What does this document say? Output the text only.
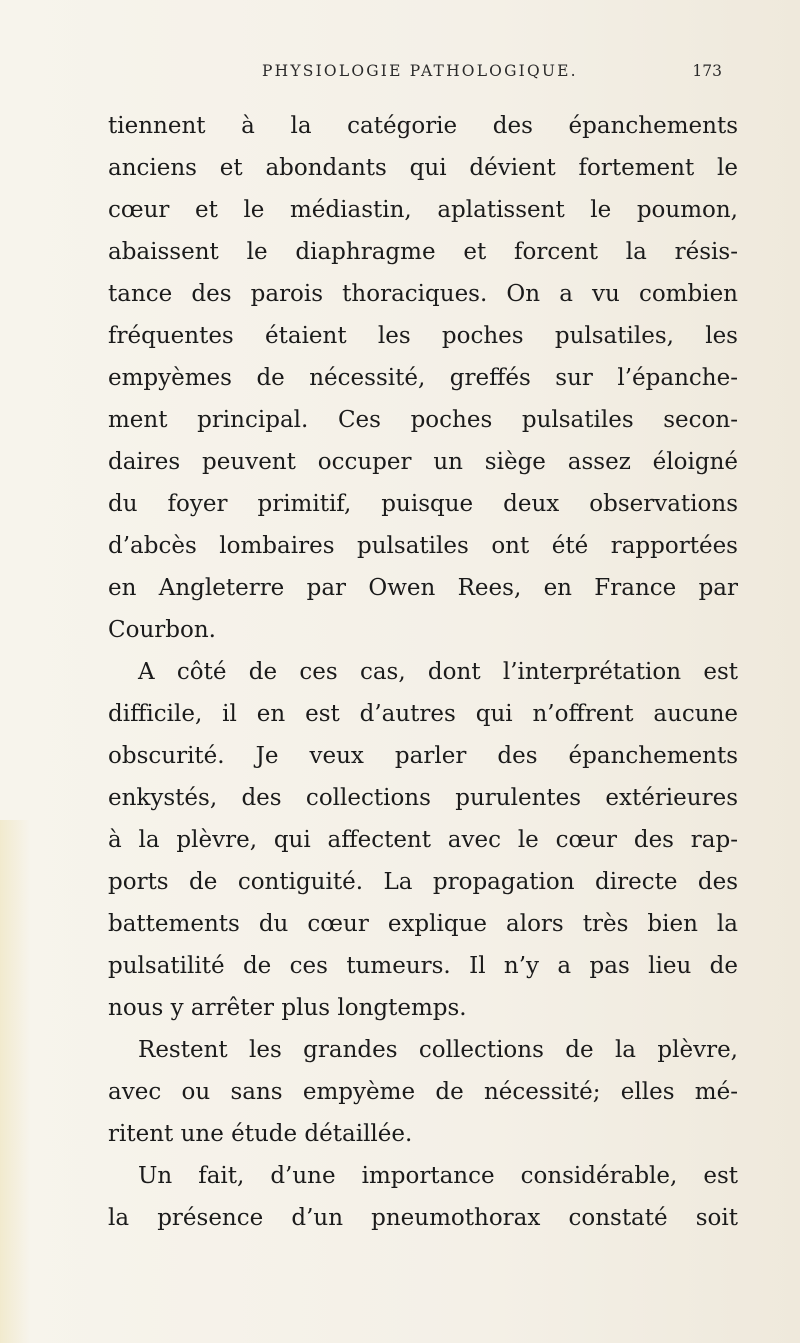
PHYSIOLOGIE PATHOLOGIQUE.	173
tiennent à la catégorie des épanchements
anciens et abondants qui dévient fortement le
cœur et le médiastin, aplatissent le poumon,
abaissent le diaphragme et forcent la résis-
tance des parois thoraciques. On a vu combien
fréquentes étaient les poches pulsatiles, les
empyèmes de nécessité, greffés sur l’épanche-
ment principal. Ces poches pulsatiles secon-
daires peuvent occuper un siège assez éloigné
du foyer primitif, puisque deux observations
d’abcès lombaires pulsatiles ont été rapportées
en Angleterre par Owen Rees, en France par
Courbon.
A côté de ces cas, dont l’interprétation est
difficile, il en est d’autres qui n’offrent aucune
obscurité. Je veux parler des épanchements
enkystés, des collections purulentes extérieures
à la plèvre, qui affectent avec le cœur des rap-
ports de contiguité. La propagation directe des
battements du cœur explique alors très bien la
pulsatilité de ces tumeurs. Il n’y a pas lieu de
nous y arrêter plus longtemps.
Restent les grandes collections de la plèvre,
avec ou sans empyème de nécessité; elles mé-
ritent une étude détaillée.
Un fait, d’une importance considérable, est
la présence d’un pneumothorax constaté soit
